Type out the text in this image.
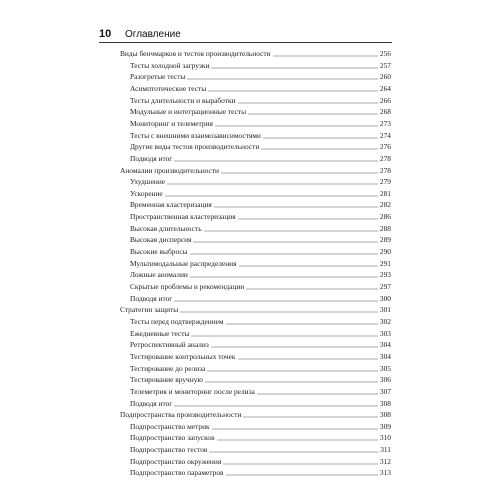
10 Оглавление
Виды бенчмарков и тестов производительности	256
Тесты холодной загрузки	257
Разогретые тесты	260
Асимптотические тесты	264
Тесты длительности и выработки	266
Модульные и интеграционные тесты	268
Мониторинг и телеметрия	273
Тесты с внешними взаимозависимостями	274
Другие виды тестов производительности	276
Подводя итог	278
Аномалии производительности	278
Ухудшение	279
Ускорение	281
Временная кластеризация	282
Пространственная кластеризация	286
Высокая длительность	288
Высокая дисперсия	289
Высокие выбросы	290
Мультимодальные распределения	291
Ложные аномалии	293
Скрытые проблемы и рекомендации	297
Подводя итог	300
Стратегии защиты	301
Тесты перед подтверждением	302
Ежедневные тесты	303
Ретроспективный анализ	304
Тестирование контрольных точек	304
Тестирование до релиза	305
Тестирование вручную	306
Телеметрия и мониторинг после релиза	307
Подводя итог	308
Подпространства производительности	308
Подпространство метрик	309
Подпространство запусков	310
Подпространство тестов	311
Подпространство окружения	312
Подпространство параметров	313
